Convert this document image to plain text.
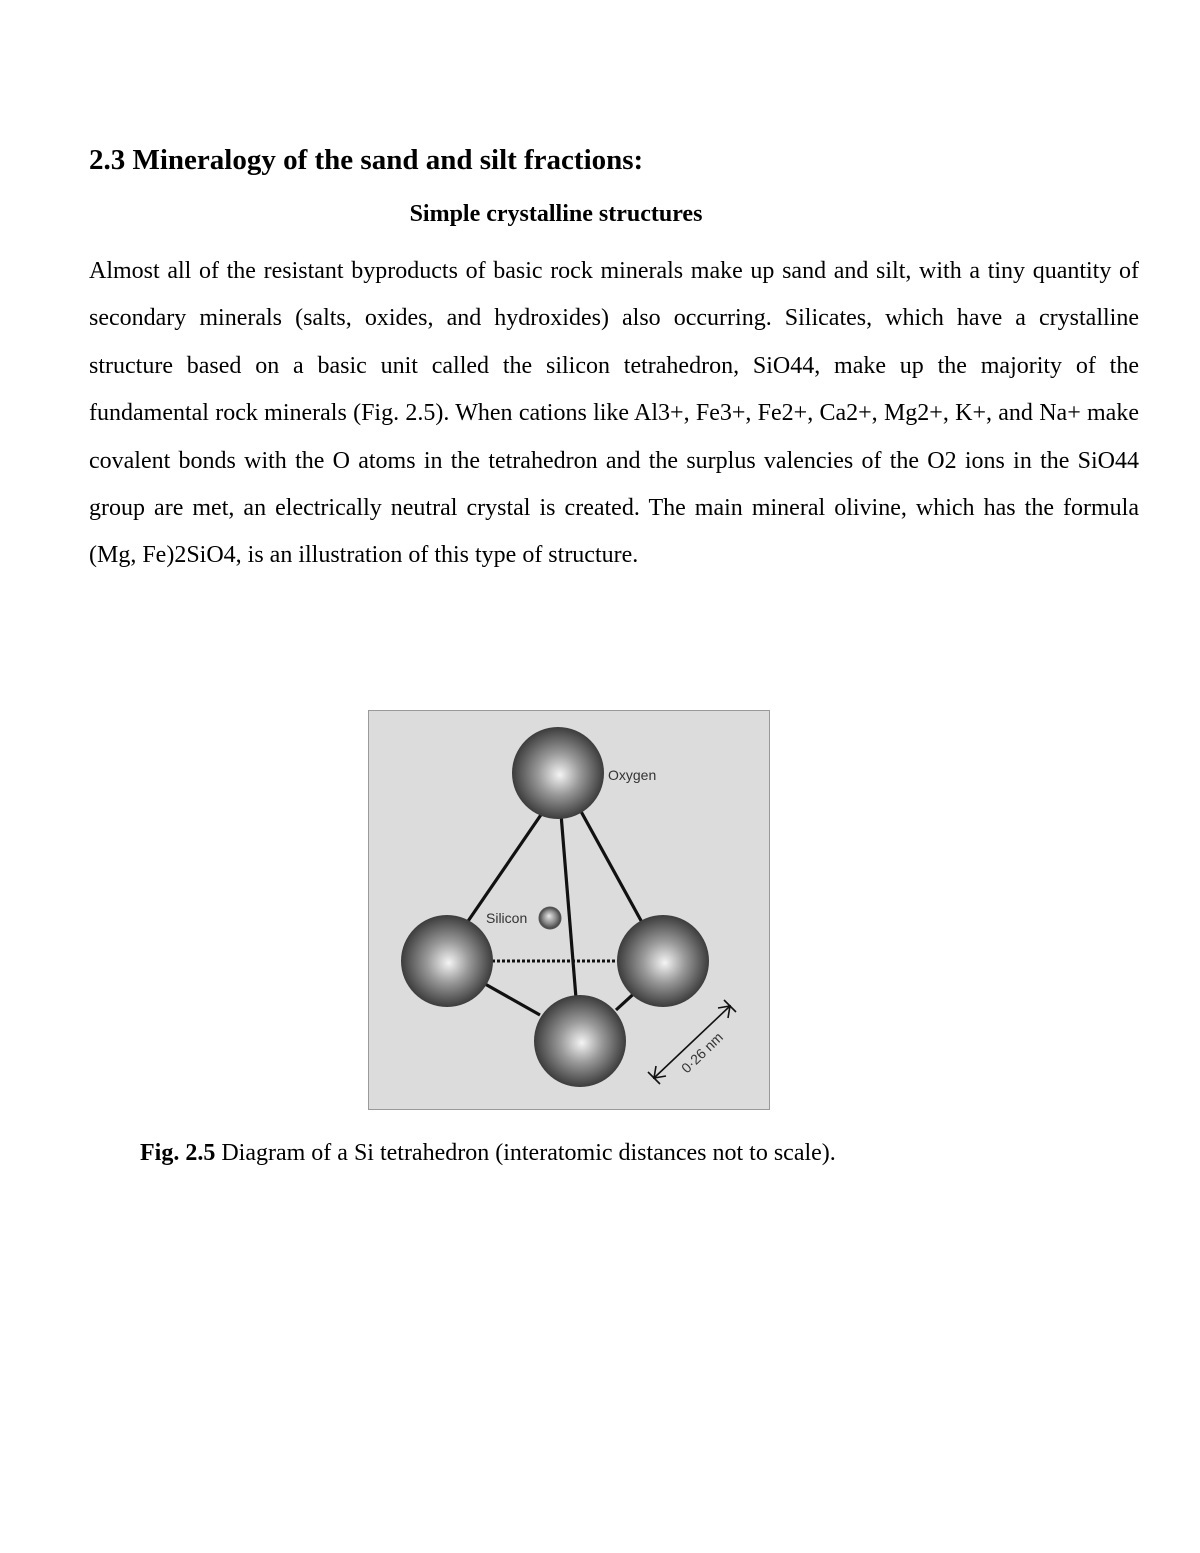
2.3 Mineralogy of the sand and silt fractions:
Simple crystalline structures

Almost all of the resistant byproducts of basic rock minerals make up sand and silt, with a tiny quantity of secondary minerals (salts, oxides, and hydroxides) also occurring. Silicates, which have a crystalline structure based on a basic unit called the silicon tetrahedron, SiO44, make up the majority of the fundamental rock minerals (Fig. 2.5). When cations like Al3+, Fe3+, Fe2+, Ca2+, Mg2+, K+, and Na+ make covalent bonds with the O atoms in the tetrahedron and the surplus valencies of the O2 ions in the SiO44 group are met, an electrically neutral crystal is created. The main mineral olivine, which has the formula (Mg, Fe)2SiO4, is an illustration of this type of structure.

Oxygen
Silicon
0·26 nm

Fig. 2.5 Diagram of a Si tetrahedron (interatomic distances not to scale).
